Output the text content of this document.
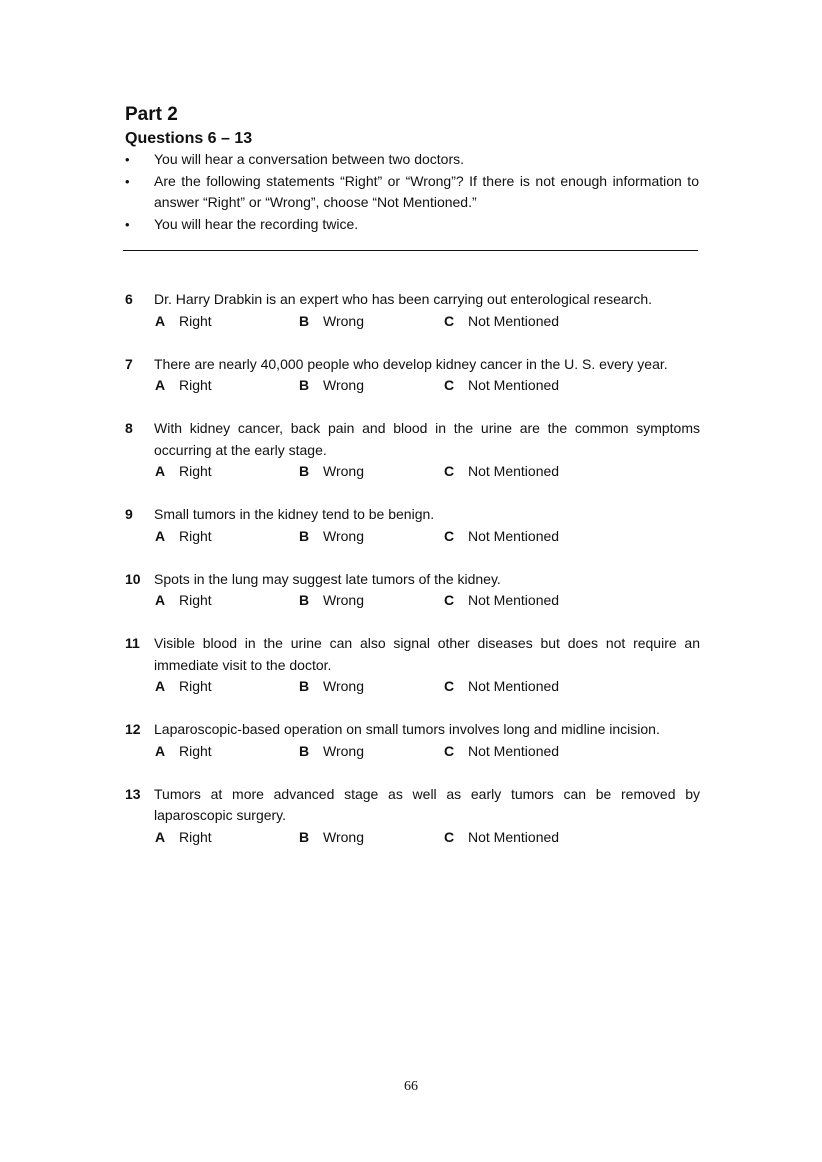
Part 2
Questions 6 – 13
• You will hear a conversation between two doctors.
• Are the following statements “Right” or “Wrong”? If there is not enough information to answer “Right” or “Wrong”, choose “Not Mentioned.”
• You will hear the recording twice.
6 Dr. Harry Drabkin is an expert who has been carrying out enterological research.
A Right	B Wrong	C Not Mentioned
7 There are nearly 40,000 people who develop kidney cancer in the U. S. every year.
A Right	B Wrong	C Not Mentioned
8 With kidney cancer, back pain and blood in the urine are the common symptoms occurring at the early stage.
A Right	B Wrong	C Not Mentioned
9 Small tumors in the kidney tend to be benign.
A Right	B Wrong	C Not Mentioned
10 Spots in the lung may suggest late tumors of the kidney.
A Right	B Wrong	C Not Mentioned
11 Visible blood in the urine can also signal other diseases but does not require an immediate visit to the doctor.
A Right	B Wrong	C Not Mentioned
12 Laparoscopic-based operation on small tumors involves long and midline incision.
A Right	B Wrong	C Not Mentioned
13 Tumors at more advanced stage as well as early tumors can be removed by laparoscopic surgery.
A Right	B Wrong	C Not Mentioned
66
